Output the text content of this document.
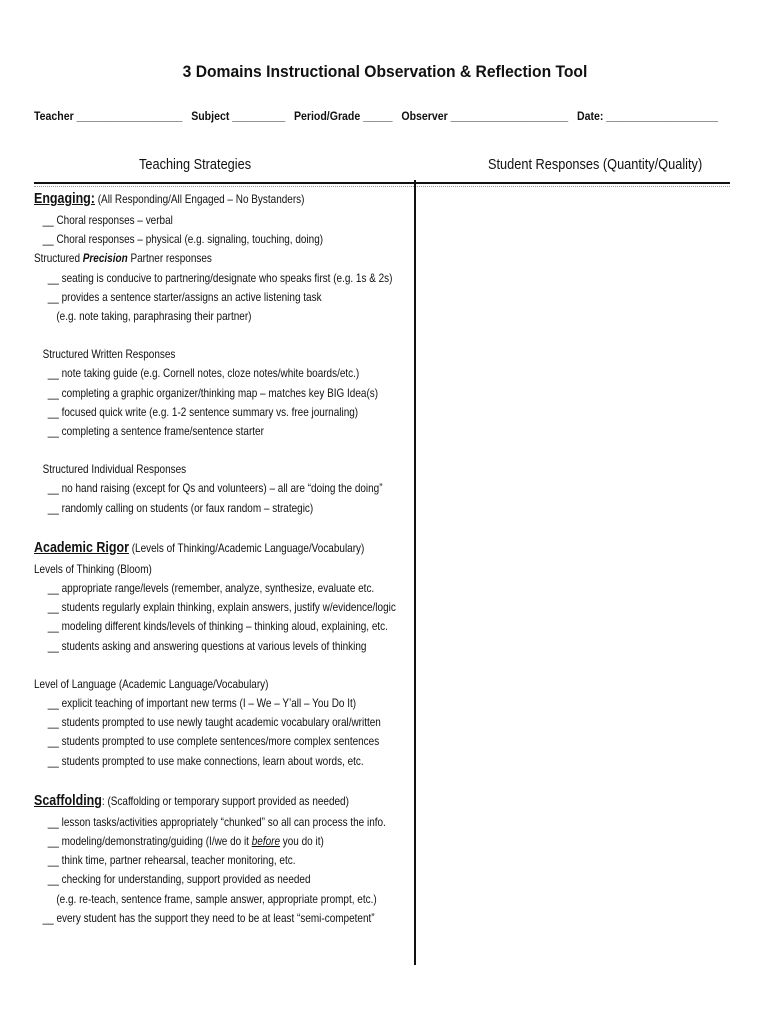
3 Domains Instructional Observation & Reflection Tool
Teacher __________________ Subject _________ Period/Grade _____ Observer ____________________ Date: ___________________
Teaching Strategies	Student Responses (Quantity/Quality)
Engaging: (All Responding/All Engaged – No Bystanders)
__ Choral responses – verbal
__ Choral responses – physical (e.g. signaling, touching, doing)
Structured Precision Partner responses
__ seating is conducive to partnering/designate who speaks first (e.g. 1s & 2s)
__ provides a sentence starter/assigns an active listening task
(e.g. note taking, paraphrasing their partner)
Structured Written Responses
__ note taking guide (e.g. Cornell notes, cloze notes/white boards/etc.)
__ completing a graphic organizer/thinking map – matches key BIG Idea(s)
__ focused quick write (e.g. 1-2 sentence summary vs. free journaling)
__ completing a sentence frame/sentence starter
Structured Individual Responses
__ no hand raising (except for Qs and volunteers) – all are “doing the doing”
__ randomly calling on students (or faux random – strategic)
Academic Rigor (Levels of Thinking/Academic Language/Vocabulary)
Levels of Thinking (Bloom)
__ appropriate range/levels (remember, analyze, synthesize, evaluate etc.
__ students regularly explain thinking, explain answers, justify w/evidence/logic
__ modeling different kinds/levels of thinking – thinking aloud, explaining, etc.
__ students asking and answering questions at various levels of thinking
Level of Language (Academic Language/Vocabulary)
__ explicit teaching of important new terms (I – We – Y’all – You Do It)
__ students prompted to use newly taught academic vocabulary oral/written
__ students prompted to use complete sentences/more complex sentences
__ students prompted to use make connections, learn about words, etc.
Scaffolding: (Scaffolding or temporary support provided as needed)
__ lesson tasks/activities appropriately “chunked” so all can process the info.
__ modeling/demonstrating/guiding (I/we do it before you do it)
__ think time, partner rehearsal, teacher monitoring, etc.
__ checking for understanding, support provided as needed
(e.g. re-teach, sentence frame, sample answer, appropriate prompt, etc.)
__ every student has the support they need to be at least “semi-competent”
